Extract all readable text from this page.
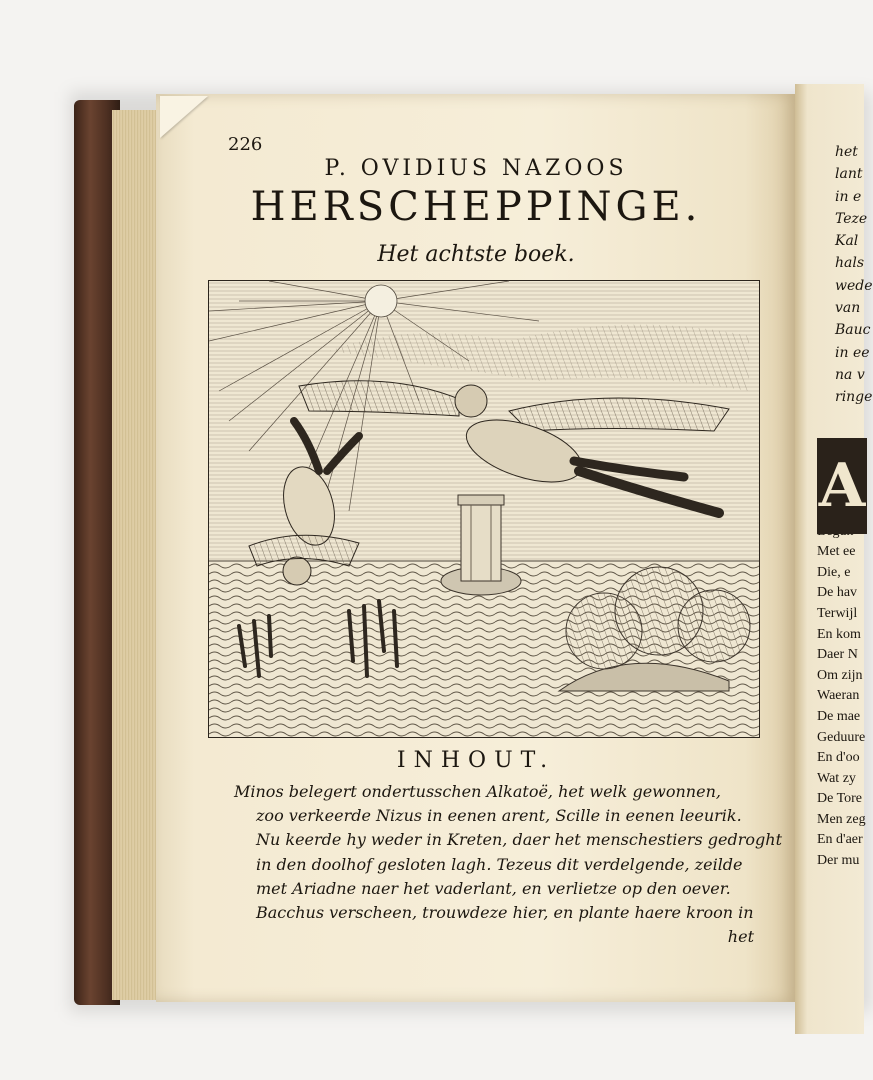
226
P. OVIDIUS NAZOOS
HERSCHEPPINGE.
Het achtste boek.
INHOUT.
Minos belegert ondertusschen Alkatoë, het welk gewonnen,
zoo verkeerde Nizus in eenen arent, Scille in eenen leeurik.
Nu keerde hy weder in Kreten, daer het menschestiers gedroght
in den doolhof gesloten lagh. Tezeus dit verdelgende, zeilde
met Ariadne naer het vaderlant, en verlietze op den oever.
Bacchus verscheen, trouwdeze hier, en plante haere kroon in
het
het
lant
in e
Teze
Kal
hals
wede
van
Bauc
in ee
na v
ringe
A
Met ee
Die, e
De hav
Terwijl
En kom
Daer N
Om zijn
Waeran
De mae
Geduure
En d'oo
Wat zy
De Tore
Men zeg
En d'aer
Der mu
